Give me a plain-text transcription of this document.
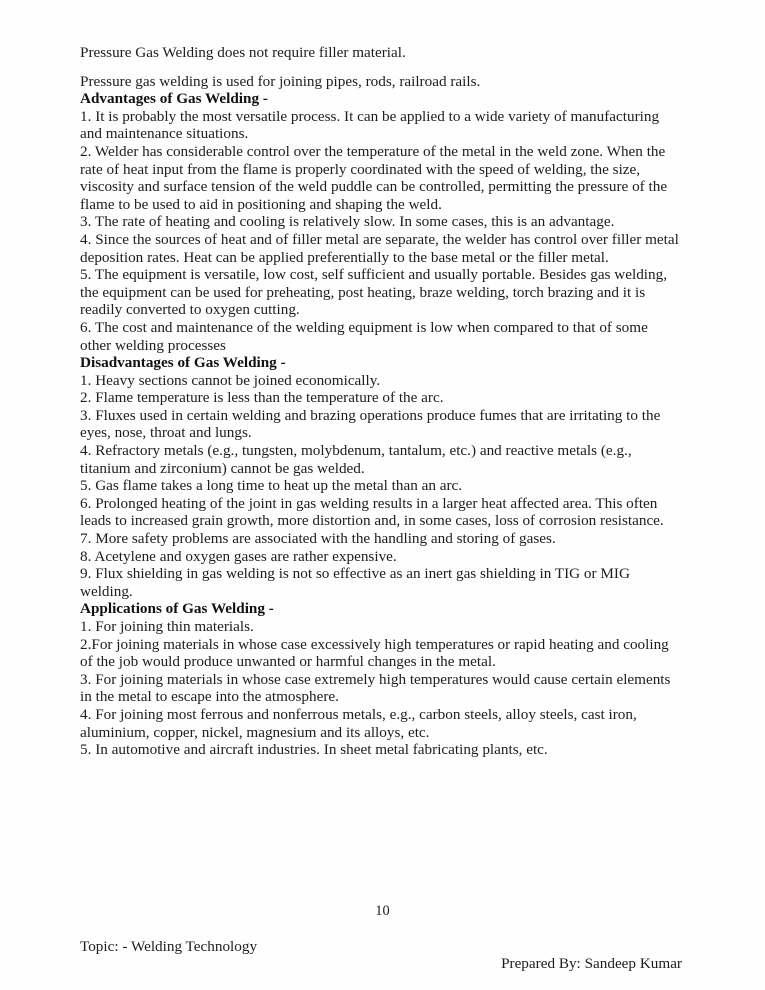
Pressure Gas Welding does not require filler material.

Pressure gas welding is used for joining pipes, rods, railroad rails.

Advantages of Gas Welding -

1. It is probably the most versatile process. It can be applied to a wide variety of manufacturing and maintenance situations.

2. Welder has considerable control over the temperature of the metal in the weld zone. When the rate of heat input from the flame is properly coordinated with the speed of welding, the size, viscosity and surface tension of the weld puddle can be controlled, permitting the pressure of the flame to be used to aid in positioning and shaping the weld.

3. The rate of heating and cooling is relatively slow. In some cases, this is an advantage.

4. Since the sources of heat and of filler metal are separate, the welder has control over filler metal deposition rates. Heat can be applied preferentially to the base metal or the filler metal.

5. The equipment is versatile, low cost, self sufficient and usually portable. Besides gas welding, the equipment can be used for preheating, post heating, braze welding, torch brazing and it is readily converted to oxygen cutting.

6. The cost and maintenance of the welding equipment is low when compared to that of some other welding processes

Disadvantages of Gas Welding -

1. Heavy sections cannot be joined economically.

2. Flame temperature is less than the temperature of the arc.

3. Fluxes used in certain welding and brazing operations produce fumes that are irritating to the eyes, nose, throat and lungs.

4. Refractory metals (e.g., tungsten, molybdenum, tantalum, etc.) and reactive metals (e.g., titanium and zirconium) cannot be gas welded.

5. Gas flame takes a long time to heat up the metal than an arc.

6. Prolonged heating of the joint in gas welding results in a larger heat affected area. This often leads to increased grain growth, more distortion and, in some cases, loss of corrosion resistance.

7. More safety problems are associated with the handling and storing of gases.

8. Acetylene and oxygen gases are rather expensive.

9. Flux shielding in gas welding is not so effective as an inert gas shielding in TIG or MIG welding.

Applications of Gas Welding -

1. For joining thin materials.

2.For joining materials in whose case excessively high temperatures or rapid heating and cooling of the job would produce unwanted or harmful changes in the metal.

3. For joining materials in whose case extremely high temperatures would cause certain elements in the metal to escape into the atmosphere.

4. For joining most ferrous and nonferrous metals, e.g., carbon steels, alloy steels, cast iron, aluminium, copper, nickel, magnesium and its alloys, etc.

5. In automotive and aircraft industries. In sheet metal fabricating plants, etc.

10
Topic: - Welding Technology
Prepared By: Sandeep Kumar
